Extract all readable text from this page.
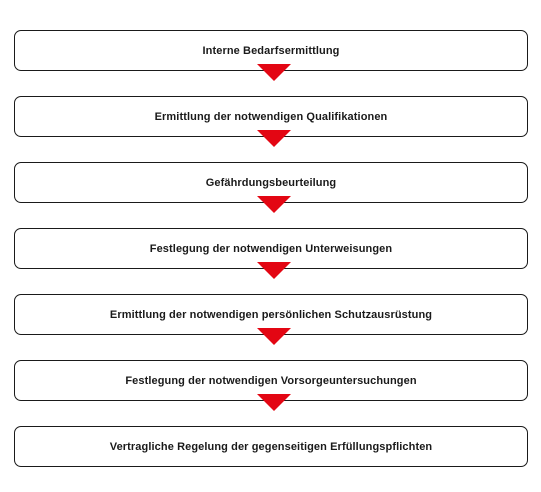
Interne Bedarfsermittlung
Ermittlung der notwendigen Qualifikationen
Gefährdungsbeurteilung
Festlegung der notwendigen Unterweisungen
Ermittlung der notwendigen persönlichen Schutzausrüstung
Festlegung der notwendigen Vorsorgeuntersuchungen
Vertragliche Regelung der gegenseitigen Erfüllungspflichten
